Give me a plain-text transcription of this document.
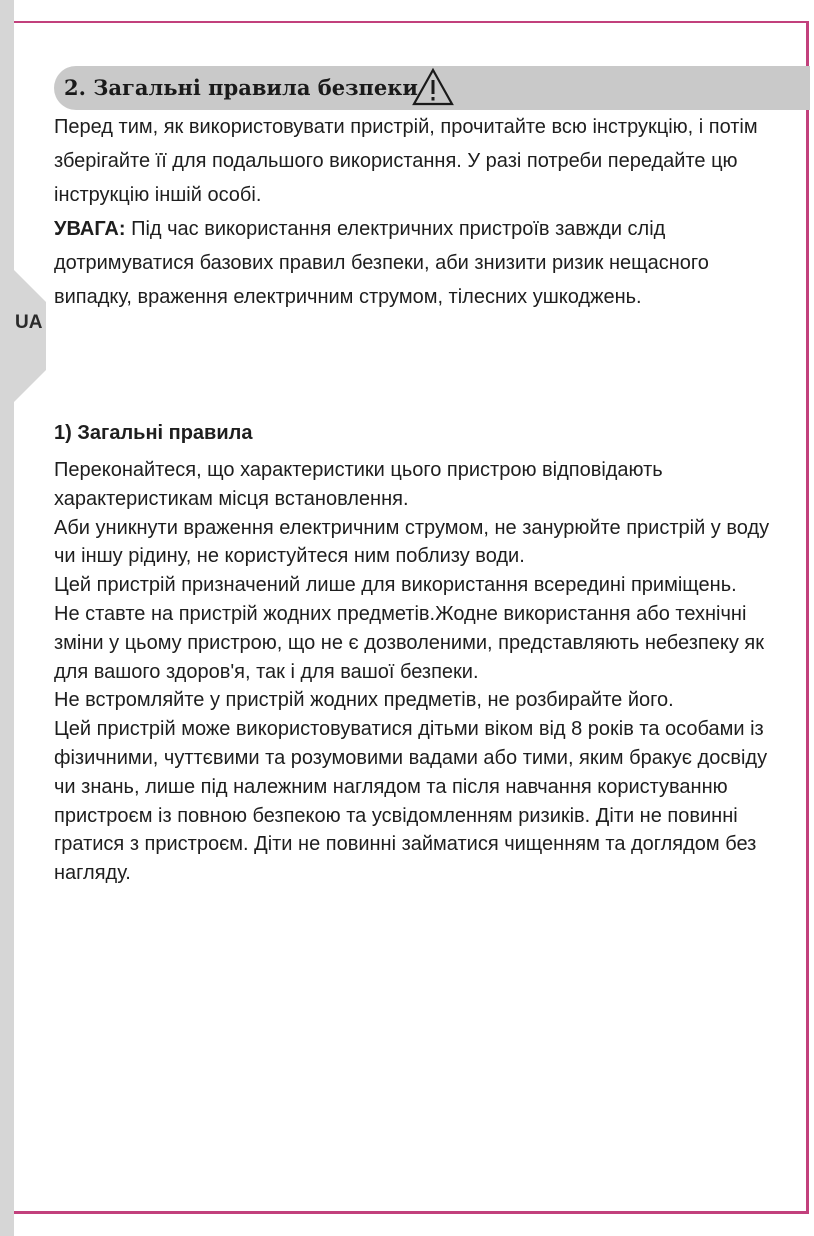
UA
2. Загальні правила безпеки

Перед тим, як використовувати пристрій, прочитайте всю інструкцію, і потім зберігайте її для подальшого використання. У разі потреби передайте цю інструкцію іншій особі.

УВАГА: Під час використання електричних пристроїв завжди слід дотримуватися базових правил безпеки, аби знизити ризик нещасного випадку, враження електричним струмом, тілесних ушкоджень.

1) Загальні правила

Переконайтеся, що характеристики цього пристрою відповідають характеристикам місця встановлення.

Аби уникнути враження електричним струмом, не занурюйте пристрій у воду чи іншу рідину, не користуйтеся ним поблизу води.

Цей пристрій призначений лише для використання всередині приміщень.

Не ставте на пристрій жодних предметів.Жодне використання або технічні зміни у цьому пристрою, що не є дозволеними, представляють небезпеку як для вашого здоров'я, так і для вашої безпеки.

Не встромляйте у пристрій жодних предметів, не розбирайте його.

Цей пристрій може використовуватися дітьми віком від 8 років та особами із фізичними, чуттєвими та розумовими вадами або тими, яким бракує досвіду чи знань, лише під належним наглядом та після навчання користуванню пристроєм із повною безпекою та усвідомленням ризиків. Діти не повинні гратися з пристроєм. Діти не повинні займатися чищенням та доглядом без нагляду.
